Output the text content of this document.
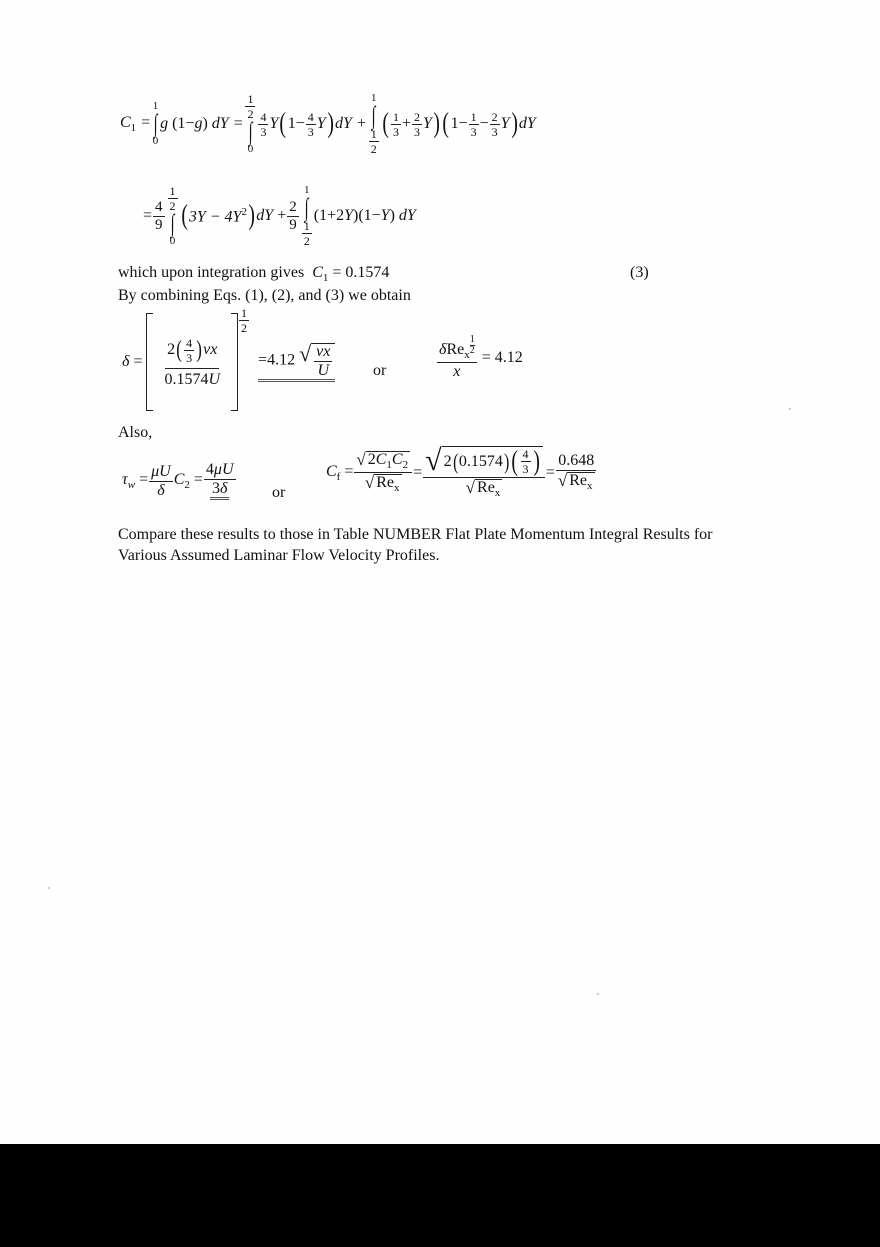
$C_1$ =
1
∫
0
g (1−g) dY =
$\frac{1}{2}$
∫
0
$\frac{4}{3}$ Y ( $1- \frac{4}{3}$ Y ) dY +
1
∫
$\frac{1}{2}$
( $\frac{1}{3} + \frac{2}{3}$ Y ) ( $1- \frac{1}{3} - \frac{2}{3}$ Y ) dY
= $\frac{4}{9}$
$\frac{1}{2}$
∫
0
( $3Y - 4Y^2$ ) dY + $\frac{2}{9}$
1
∫
$\frac{1}{2}$
(1+2Y)(1−Y) dY
which upon integration gives  $C_1 = 0.1574$	(3)
By combining Eqs. (1), (2), and (3) we obtain
$\delta = \frac{2( \frac{4}{3} )\nu x}{0.1574U}$
$\frac{1}{2}$
=4.12 √ $\frac{\nu x}{U}$	or	δRe$_x$ $^{\frac{1}{2}}$
x = 4.12
Also,
$\tau_w = \frac{\mu U}{\delta} C_2 = \frac{4\mu U}{3\delta}$ or
$C_f = \frac{√ 2C_1C_2}{√ Re_x} = \frac{√ 2 ( 0.1574 ) ( \frac{4}{3} )}{√ Re_x} = \frac{0.648}{√ Re_x}$
Compare these results to those in Table NUMBER Flat Plate Momentum Integral Results for
Various Assumed Laminar Flow Velocity Profiles.
